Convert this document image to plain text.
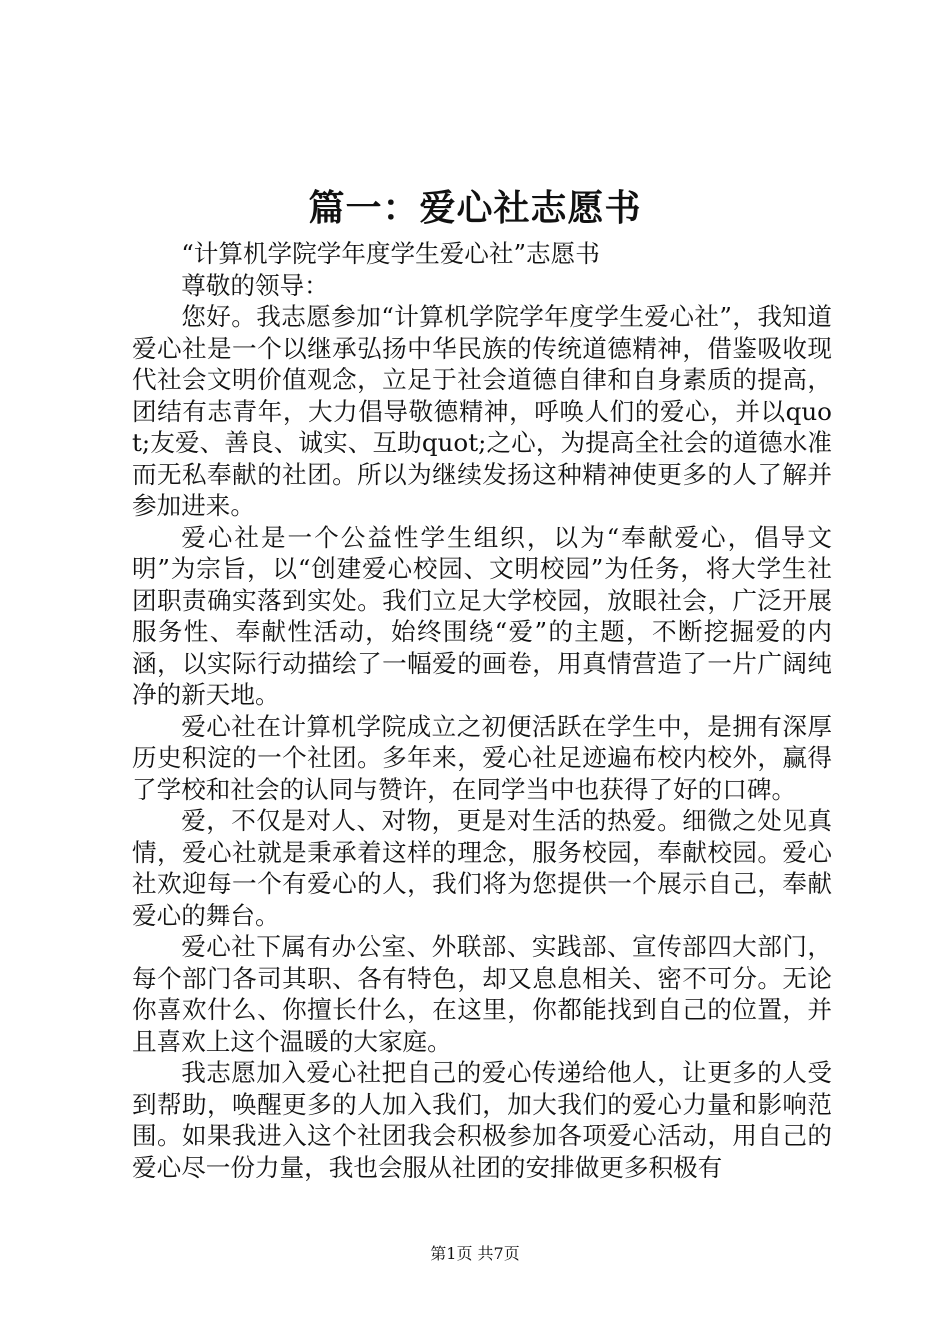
篇一：爱心社志愿书

“计算机学院学年度学生爱心社”志愿书

尊敬的领导：

您好。我志愿参加“计算机学院学年度学生爱心社”，我知道爱心社是一个以继承弘扬中华民族的传统道德精神，借鉴吸收现代社会文明价值观念，立足于社会道德自律和自身素质的提高，团结有志青年，大力倡导敬德精神，呼唤人们的爱心，并以quot;友爱、善良、诚实、互助quot;之心，为提高全社会的道德水准而无私奉献的社团。所以为继续发扬这种精神使更多的人了解并参加进来。

爱心社是一个公益性学生组织，以为“奉献爱心，倡导文明”为宗旨，以“创建爱心校园、文明校园”为任务，将大学生社团职责确实落到实处。我们立足大学校园，放眼社会，广泛开展服务性、奉献性活动，始终围绕“爱”的主题，不断挖掘爱的内涵，以实际行动描绘了一幅爱的画卷，用真情营造了一片广阔纯净的新天地。

爱心社在计算机学院成立之初便活跃在学生中，是拥有深厚历史积淀的一个社团。多年来，爱心社足迹遍布校内校外，赢得了学校和社会的认同与赞许，在同学当中也获得了好的口碑。

爱，不仅是对人、对物，更是对生活的热爱。细微之处见真情，爱心社就是秉承着这样的理念，服务校园，奉献校园。爱心社欢迎每一个有爱心的人，我们将为您提供一个展示自己，奉献爱心的舞台。

爱心社下属有办公室、外联部、实践部、宣传部四大部门，每个部门各司其职、各有特色，却又息息相关、密不可分。无论你喜欢什么、你擅长什么，在这里，你都能找到自己的位置，并且喜欢上这个温暖的大家庭。

我志愿加入爱心社把自己的爱心传递给他人，让更多的人受到帮助，唤醒更多的人加入我们，加大我们的爱心力量和影响范围。如果我进入这个社团我会积极参加各项爱心活动，用自己的爱心尽一份力量，我也会服从社团的安排做更多积极有

第1页 共7页
